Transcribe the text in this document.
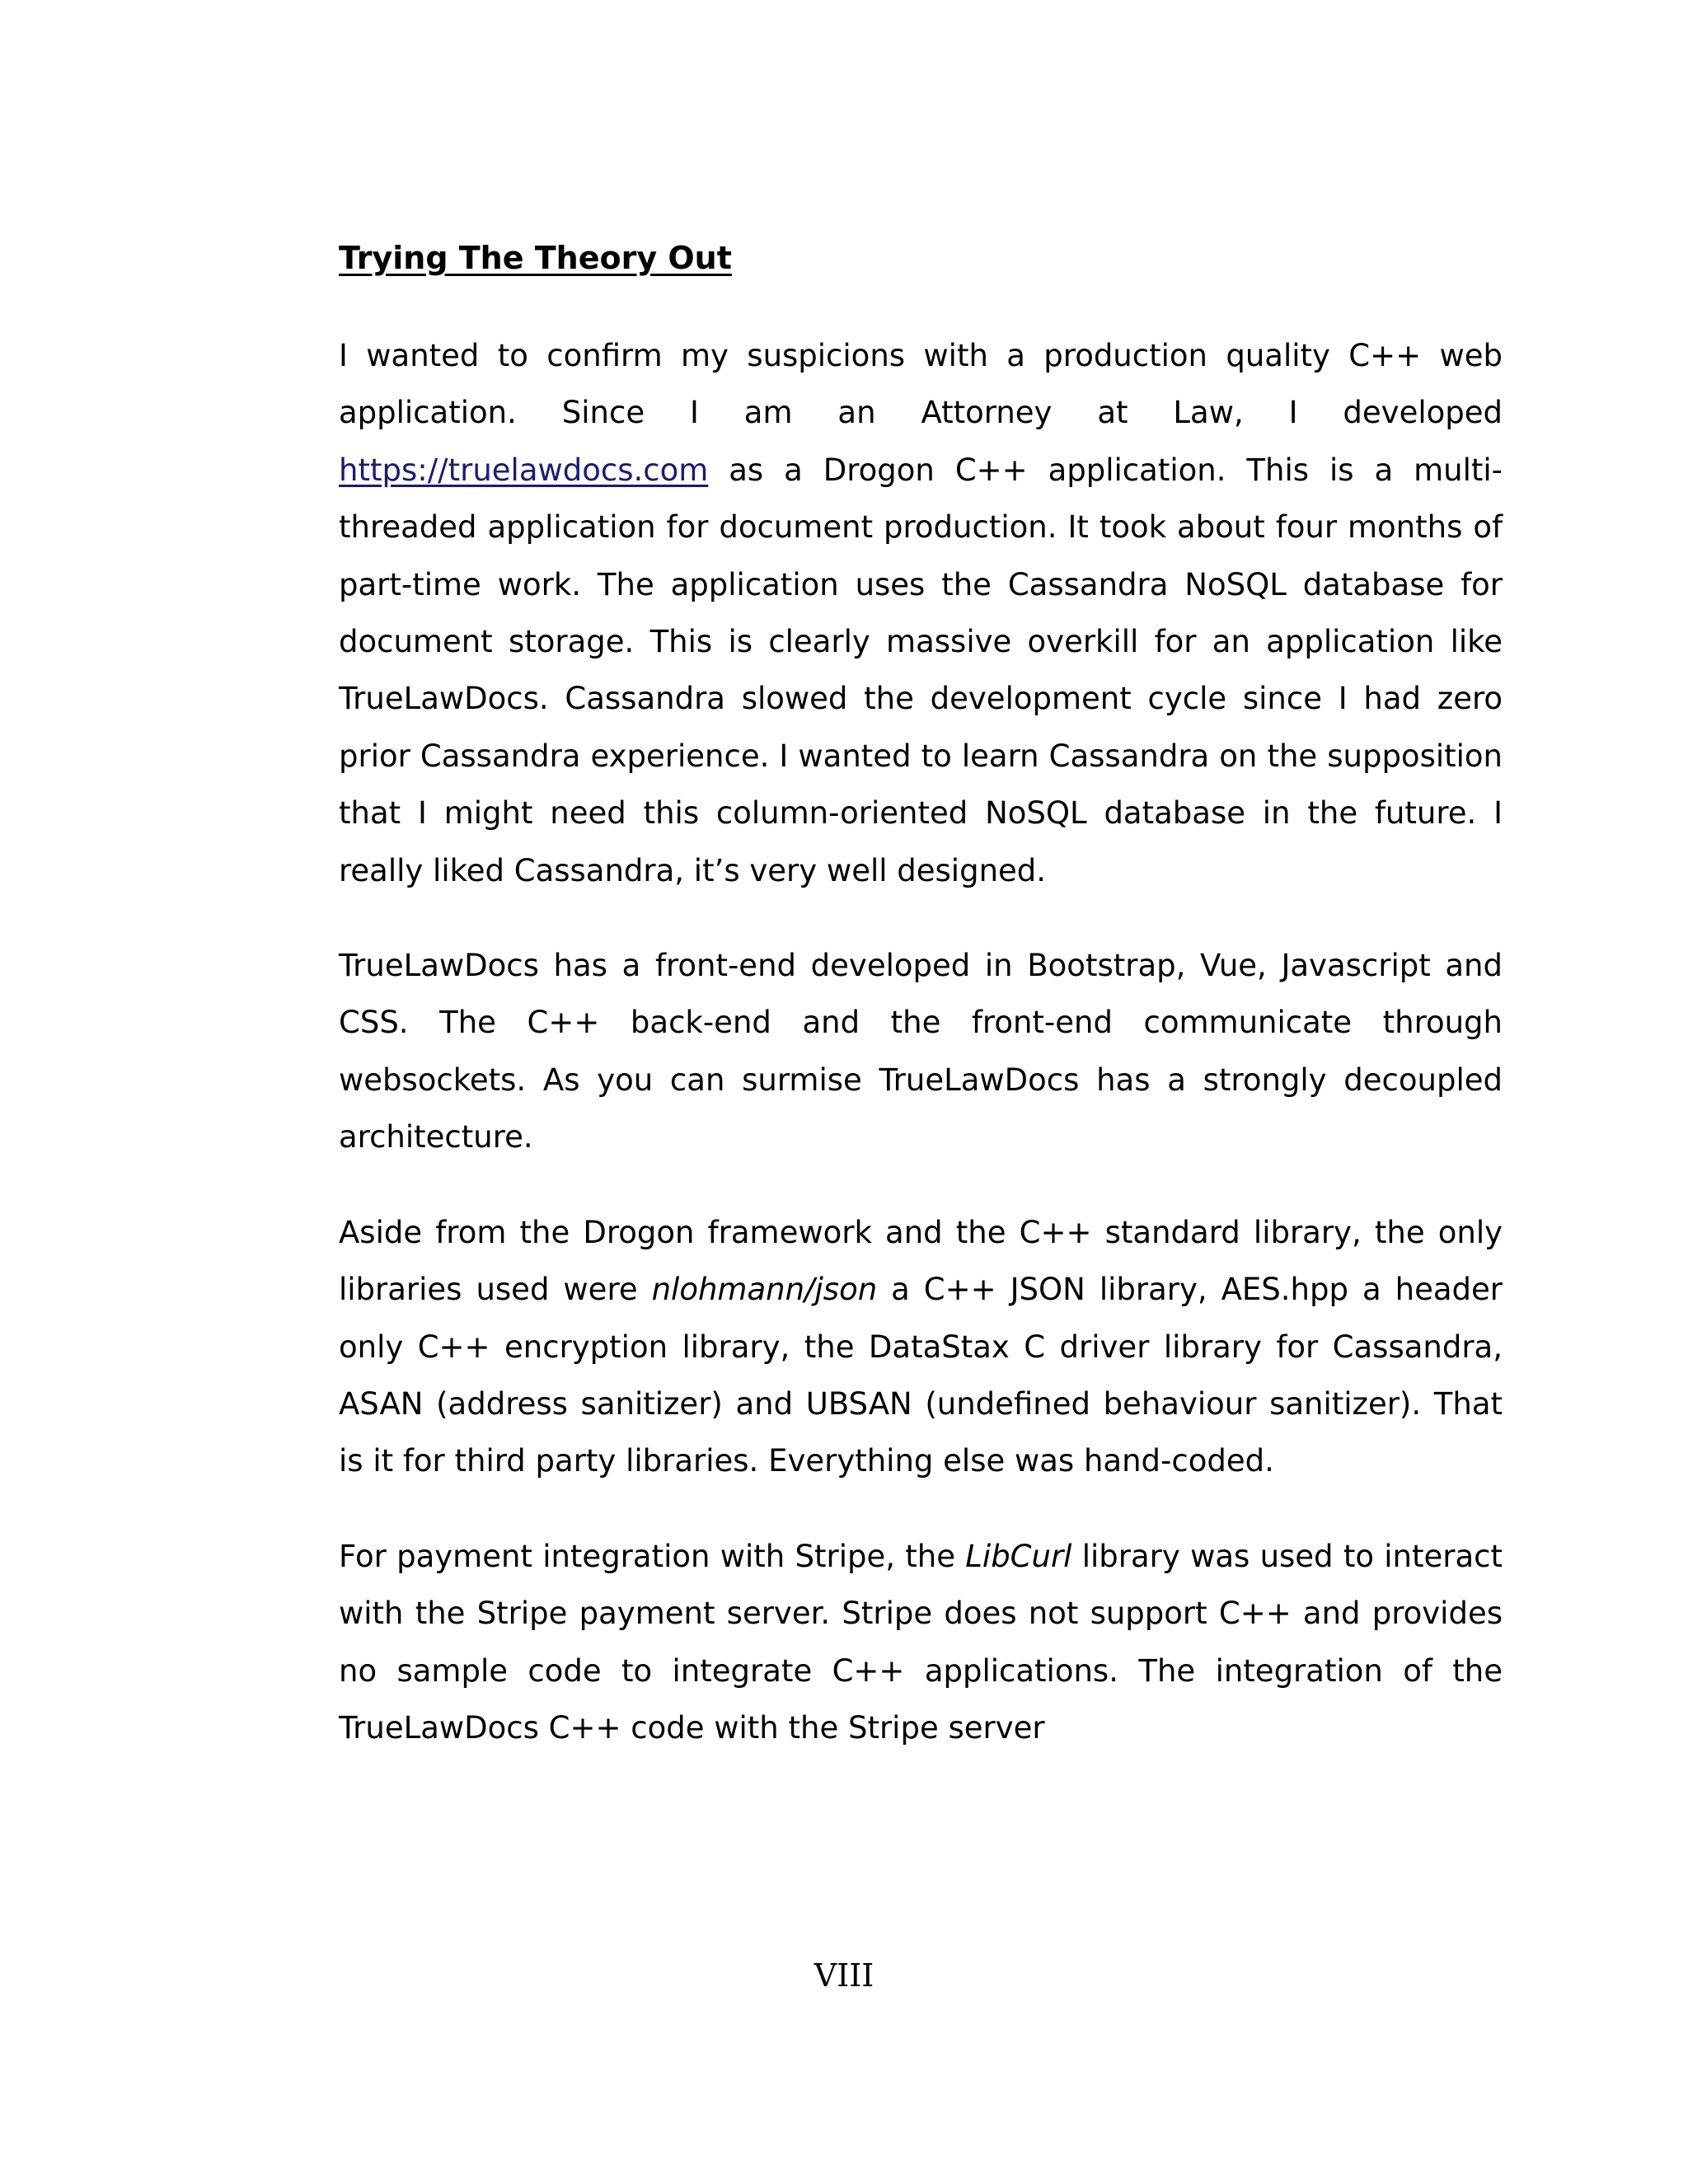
Trying The Theory Out

I wanted to confirm my suspicions with a production quality C++ web application. Since I am an Attorney at Law, I developed https://truelawdocs.com as a Drogon C++ application. This is a multi-threaded application for document production. It took about four months of part-time work. The application uses the Cassandra NoSQL database for document storage. This is clearly massive overkill for an application like TrueLawDocs. Cassandra slowed the development cycle since I had zero prior Cassandra experience. I wanted to learn Cassandra on the supposition that I might need this column-oriented NoSQL database in the future. I really liked Cassandra, it’s very well designed.

TrueLawDocs has a front-end developed in Bootstrap, Vue, Javascript and CSS. The C++ back-end and the front-end communicate through websockets. As you can surmise TrueLawDocs has a strongly decoupled architecture.

Aside from the Drogon framework and the C++ standard library, the only libraries used were nlohmann/json a C++ JSON library, AES.hpp a header only C++ encryption library, the DataStax C driver library for Cassandra, ASAN (address sanitizer) and UBSAN (undefined behaviour sanitizer). That is it for third party libraries. Everything else was hand-coded.

For payment integration with Stripe, the LibCurl library was used to interact with the Stripe payment server. Stripe does not support C++ and provides no sample code to integrate C++ applications. The integration of the TrueLawDocs C++ code with the Stripe server

VIII
